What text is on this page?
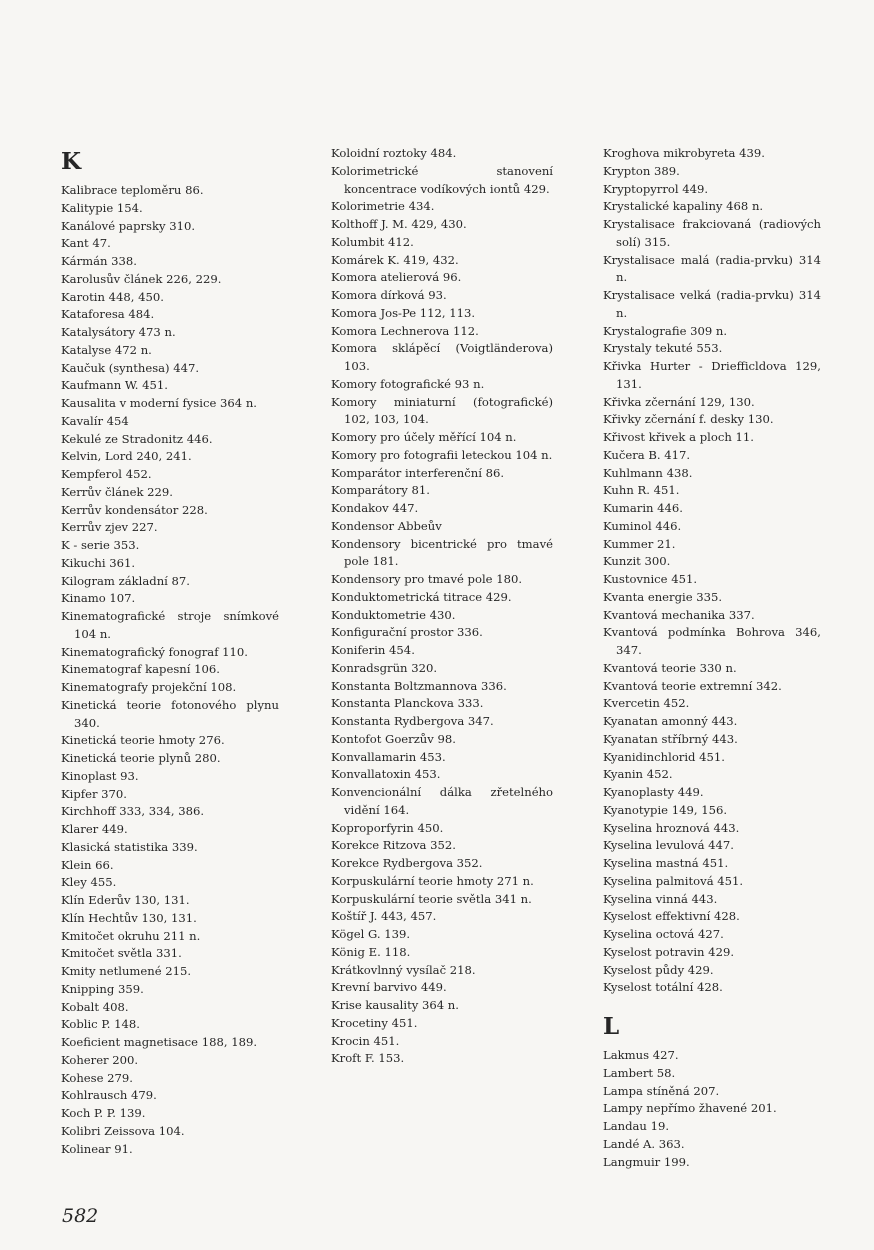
K
Kalibrace teploměru 86.
Kalitypie 154.
Kanálové paprsky 310.
Kant 47.
Kármán 338.
Karolusův článek 226, 229.
Karotin 448, 450.
Kataforesa 484.
Katalysátory 473 n.
Katalyse 472 n.
Kaučuk (synthesa) 447.
Kaufmann W. 451.
Kausalita v moderní fysice 364 n.
Kavalír 454
Kekulé ze Stradonitz 446.
Kelvin, Lord 240, 241.
Kempferol 452.
Kerrův článek 229.
Kerrův kondensátor 228.
Kerrův zjev 227.
K - serie 353.
Kikuchi 361.
Kilogram základní 87.
Kinamo 107.
Kinematografické stroje snímkové 104 n.
Kinematografický fonograf 110.
Kinematograf kapesní 106.
Kinematografy projekční 108.
Kinetická teorie fotonového plynu 340.
Kinetická teorie hmoty 276.
Kinetická teorie plynů 280.
Kinoplast 93.
Kipfer 370.
Kirchhoff 333, 334, 386.
Klarer 449.
Klasická statistika 339.
Klein 66.
Kley 455.
Klín Ederův 130, 131.
Klín Hechtův 130, 131.
Kmitočet okruhu 211 n.
Kmitočet světla 331.
Kmity netlumené 215.
Knipping 359.
Kobalt 408.
Koblic P. 148.
Koeficient magnetisace 188, 189.
Koherer 200.
Kohese 279.
Kohlrausch 479.
Koch P. P. 139.
Kolibri Zeissova 104.
Kolinear 91.
Koloidní roztoky 484.
Kolorimetrické stanovení koncentrace vodíkových iontů 429.
Kolorimetrie 434.
Kolthoff J. M. 429, 430.
Kolumbit 412.
Komárek K. 419, 432.
Komora atelierová 96.
Komora dírková 93.
Komora Jos-Pe 112, 113.
Komora Lechnerova 112.
Komora sklápěcí (Voigtländerova) 103.
Komory fotografické 93 n.
Komory miniaturní (fotografické) 102, 103, 104.
Komory pro účely měřící 104 n.
Komory pro fotografii leteckou 104 n.
Komparátor interferenční 86.
Komparátory 81.
Kondakov 447.
Kondensor Abbeův
Kondensory bicentrické pro tmavé pole 181.
Kondensory pro tmavé pole 180.
Konduktometrická titrace 429.
Konduktometrie 430.
Konfigurační prostor 336.
Koniferin 454.
Konradsgrün 320.
Konstanta Boltzmannova 336.
Konstanta Planckova 333.
Konstanta Rydbergova 347.
Kontofot Goerzův 98.
Konvallamarin 453.
Konvallatoxin 453.
Konvencionální dálka zřetelného vidění 164.
Koproporfyrin 450.
Korekce Ritzova 352.
Korekce Rydbergova 352.
Korpuskulární teorie hmoty 271 n.
Korpuskulární teorie světla 341 n.
Koštíř J. 443, 457.
Kögel G. 139.
König E. 118.
Krátkovlnný vysílač 218.
Krevní barvivo 449.
Krise kausality 364 n.
Krocetiny 451.
Krocin 451.
Kroft F. 153.
Kroghova mikrobyreta 439.
Krypton 389.
Kryptopyrrol 449.
Krystalické kapaliny 468 n.
Krystalisace frakciovaná (radiových solí) 315.
Krystalisace malá (radia-prvku) 314 n.
Krystalisace velká (radia-prvku) 314 n.
Krystalografie 309 n.
Krystaly tekuté 553.
Křivka Hurter - Driefficldova 129, 131.
Křivka zčernání 129, 130.
Křivky zčernání f. desky 130.
Křivost křivek a ploch 11.
Kučera B. 417.
Kuhlmann 438.
Kuhn R. 451.
Kumarin 446.
Kuminol 446.
Kummer 21.
Kunzit 300.
Kustovnice 451.
Kvanta energie 335.
Kvantová mechanika 337.
Kvantová podmínka Bohrova 346, 347.
Kvantová teorie 330 n.
Kvantová teorie extremní 342.
Kvercetin 452.
Kyanatan amonný 443.
Kyanatan stříbrný 443.
Kyanidinchlorid 451.
Kyanin 452.
Kyanoplasty 449.
Kyanotypie 149, 156.
Kyselina hroznová 443.
Kyselina levulová 447.
Kyselina mastná 451.
Kyselina palmitová 451.
Kyselina vinná 443.
Kyselost effektivní 428.
Kyselina octová 427.
Kyselost potravin 429.
Kyselost půdy 429.
Kyselost totální 428.
L
Lakmus 427.
Lambert 58.
Lampa stíněná 207.
Lampy nepřímo žhavené 201.
Landau 19.
Landé A. 363.
Langmuir 199.
582
